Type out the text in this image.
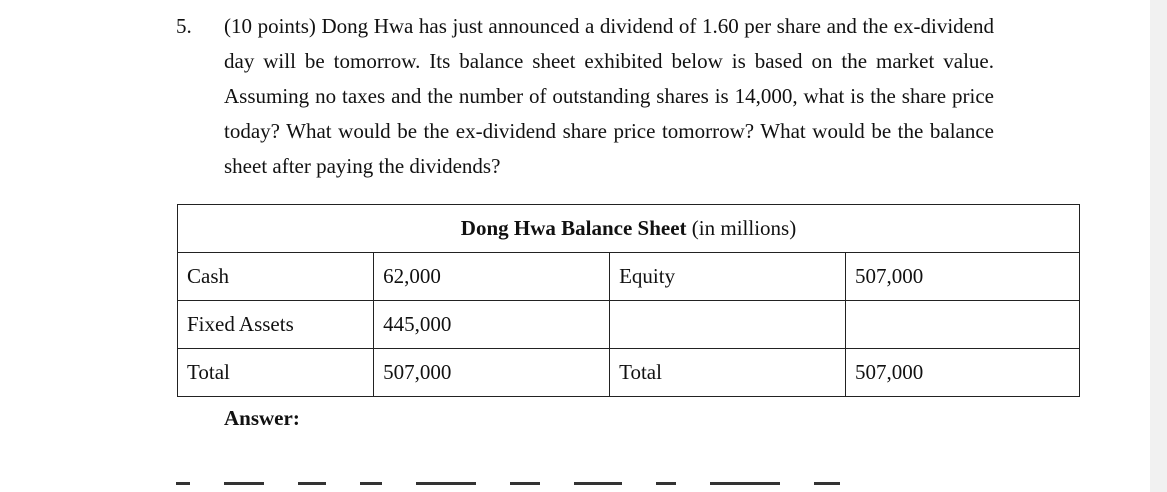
5. (10 points) Dong Hwa has just announced a dividend of 1.60 per share and the ex-dividend day will be tomorrow. Its balance sheet exhibited below is based on the market value. Assuming no taxes and the number of outstanding shares is 14,000, what is the share price today? What would be the ex-dividend share price tomorrow? What would be the balance sheet after paying the dividends?
Dong Hwa Balance Sheet (in millions)			
Cash	62,000	Equity	507,000
Fixed Assets	445,000		
Total	507,000	Total	507,000
Answer:
